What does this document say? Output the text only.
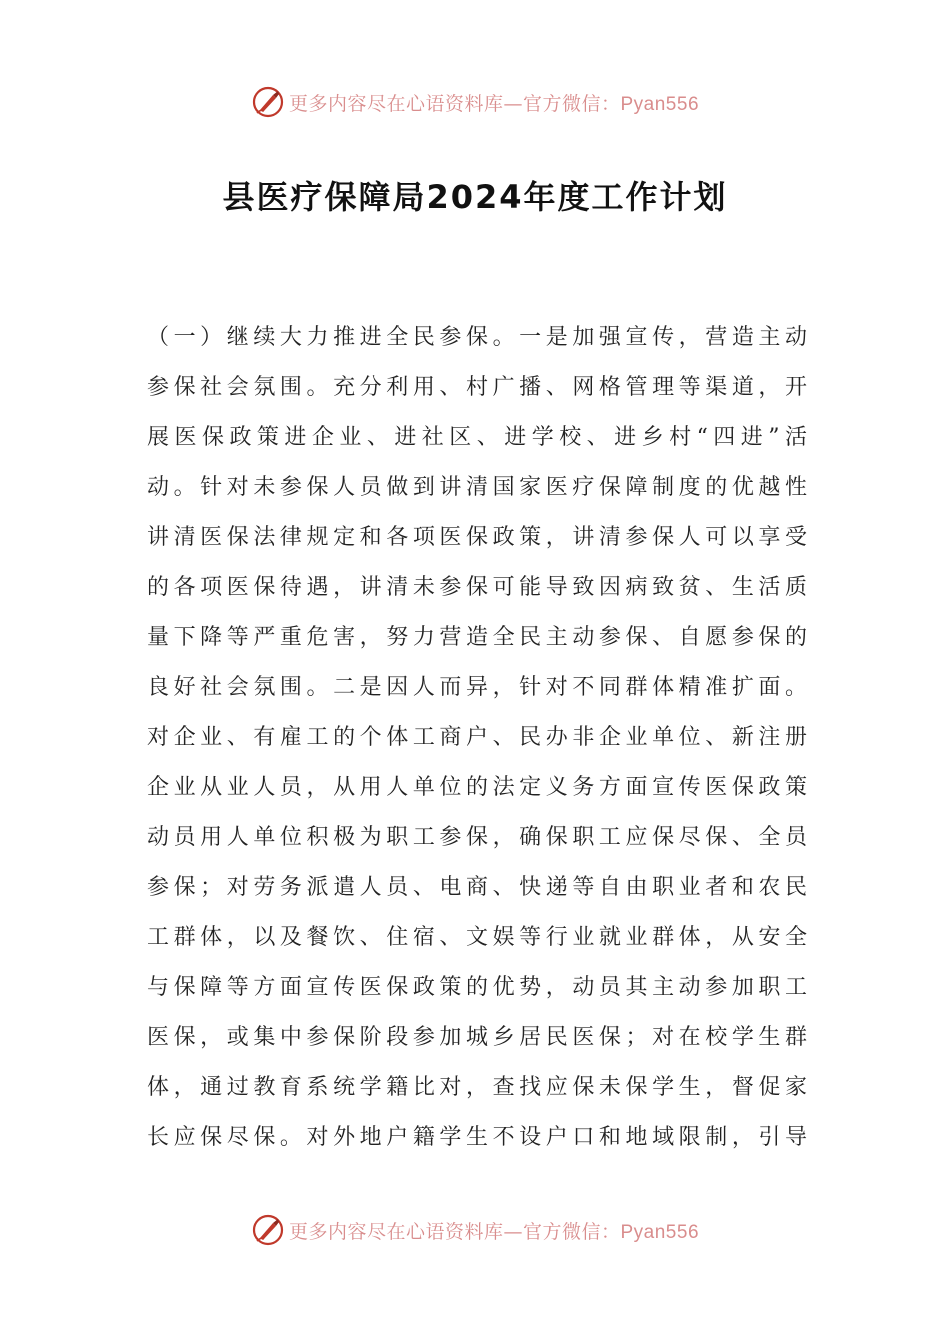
更多内容尽在心语资料库—官方微信：Pyan556
县医疗保障局2024年度工作计划
（一）继续大力推进全民参保。一是加强宣传，营造主动
参保社会氛围。充分利用、村广播、网格管理等渠道，开
展医保政策进企业、进社区、进学校、进乡村“四进”活
动。针对未参保人员做到讲清国家医疗保障制度的优越性
讲清医保法律规定和各项医保政策，讲清参保人可以享受
的各项医保待遇，讲清未参保可能导致因病致贫、生活质
量下降等严重危害，努力营造全民主动参保、自愿参保的
良好社会氛围。二是因人而异，针对不同群体精准扩面。
对企业、有雇工的个体工商户、民办非企业单位、新注册
企业从业人员，从用人单位的法定义务方面宣传医保政策
动员用人单位积极为职工参保，确保职工应保尽保、全员
参保；对劳务派遣人员、电商、快递等自由职业者和农民
工群体，以及餐饮、住宿、文娱等行业就业群体，从安全
与保障等方面宣传医保政策的优势，动员其主动参加职工
医保，或集中参保阶段参加城乡居民医保；对在校学生群
体，通过教育系统学籍比对，查找应保未保学生，督促家
长应保尽保。对外地户籍学生不设户口和地域限制，引导
更多内容尽在心语资料库—官方微信：Pyan556
